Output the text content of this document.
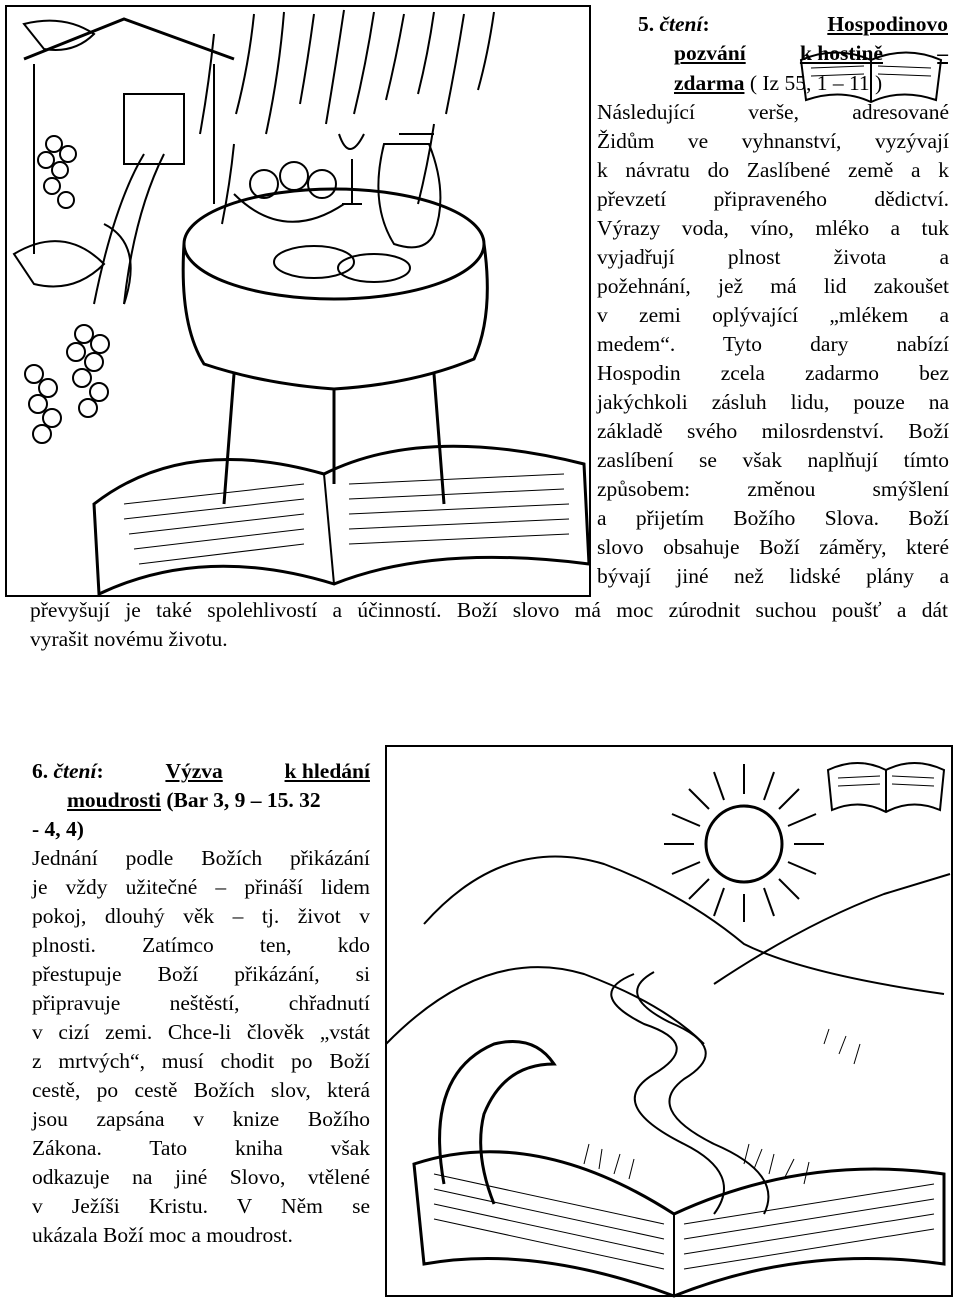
5. čtení:	Hospodinovo
pozvání	k hostině	–
zdarma ( Iz 55, 1 – 11 )
Následující verše, adresované
Židům ve vyhnanství, vyzývají
k návratu do Zaslíbené země a k
převzetí připraveného dědictví.
Výrazy voda, víno, mléko a tuk
vyjadřují plnost života a
požehnání, jež má lid zakoušet
v zemi oplývající „mlékem a
medem“. Tyto dary nabízí
Hospodin zcela zadarmo bez
jakýchkoli zásluh lidu, pouze na
základě svého milosrdenství. Boží
zaslíbení se však naplňují tímto
způsobem: změnou smýšlení
a přijetím Božího Slova. Boží
slovo obsahuje Boží záměry, které
bývají jiné než lidské plány a
převyšují je také spolehlivostí a účinností. Boží slovo má moc zúrodnit suchou poušť a dát
vyrašit novému životu.
6. čtení:	Výzva	k hledání
moudrosti (Bar 3, 9 – 15. 32
- 4, 4)
Jednání podle Božích přikázání
je vždy užitečné – přináší lidem
pokoj, dlouhý věk – tj. život v
plnosti. Zatímco ten, kdo
přestupuje Boží přikázání, si
připravuje neštěstí, chřadnutí
v cizí zemi. Chce-li člověk „vstát
z mrtvých“, musí chodit po Boží
cestě, po cestě Božích slov, která
jsou zapsána v knize Božího
Zákona. Tato kniha však
odkazuje na jiné Slovo, vtělené
v Ježíši Kristu. V Něm se
ukázala Boží moc a moudrost.
